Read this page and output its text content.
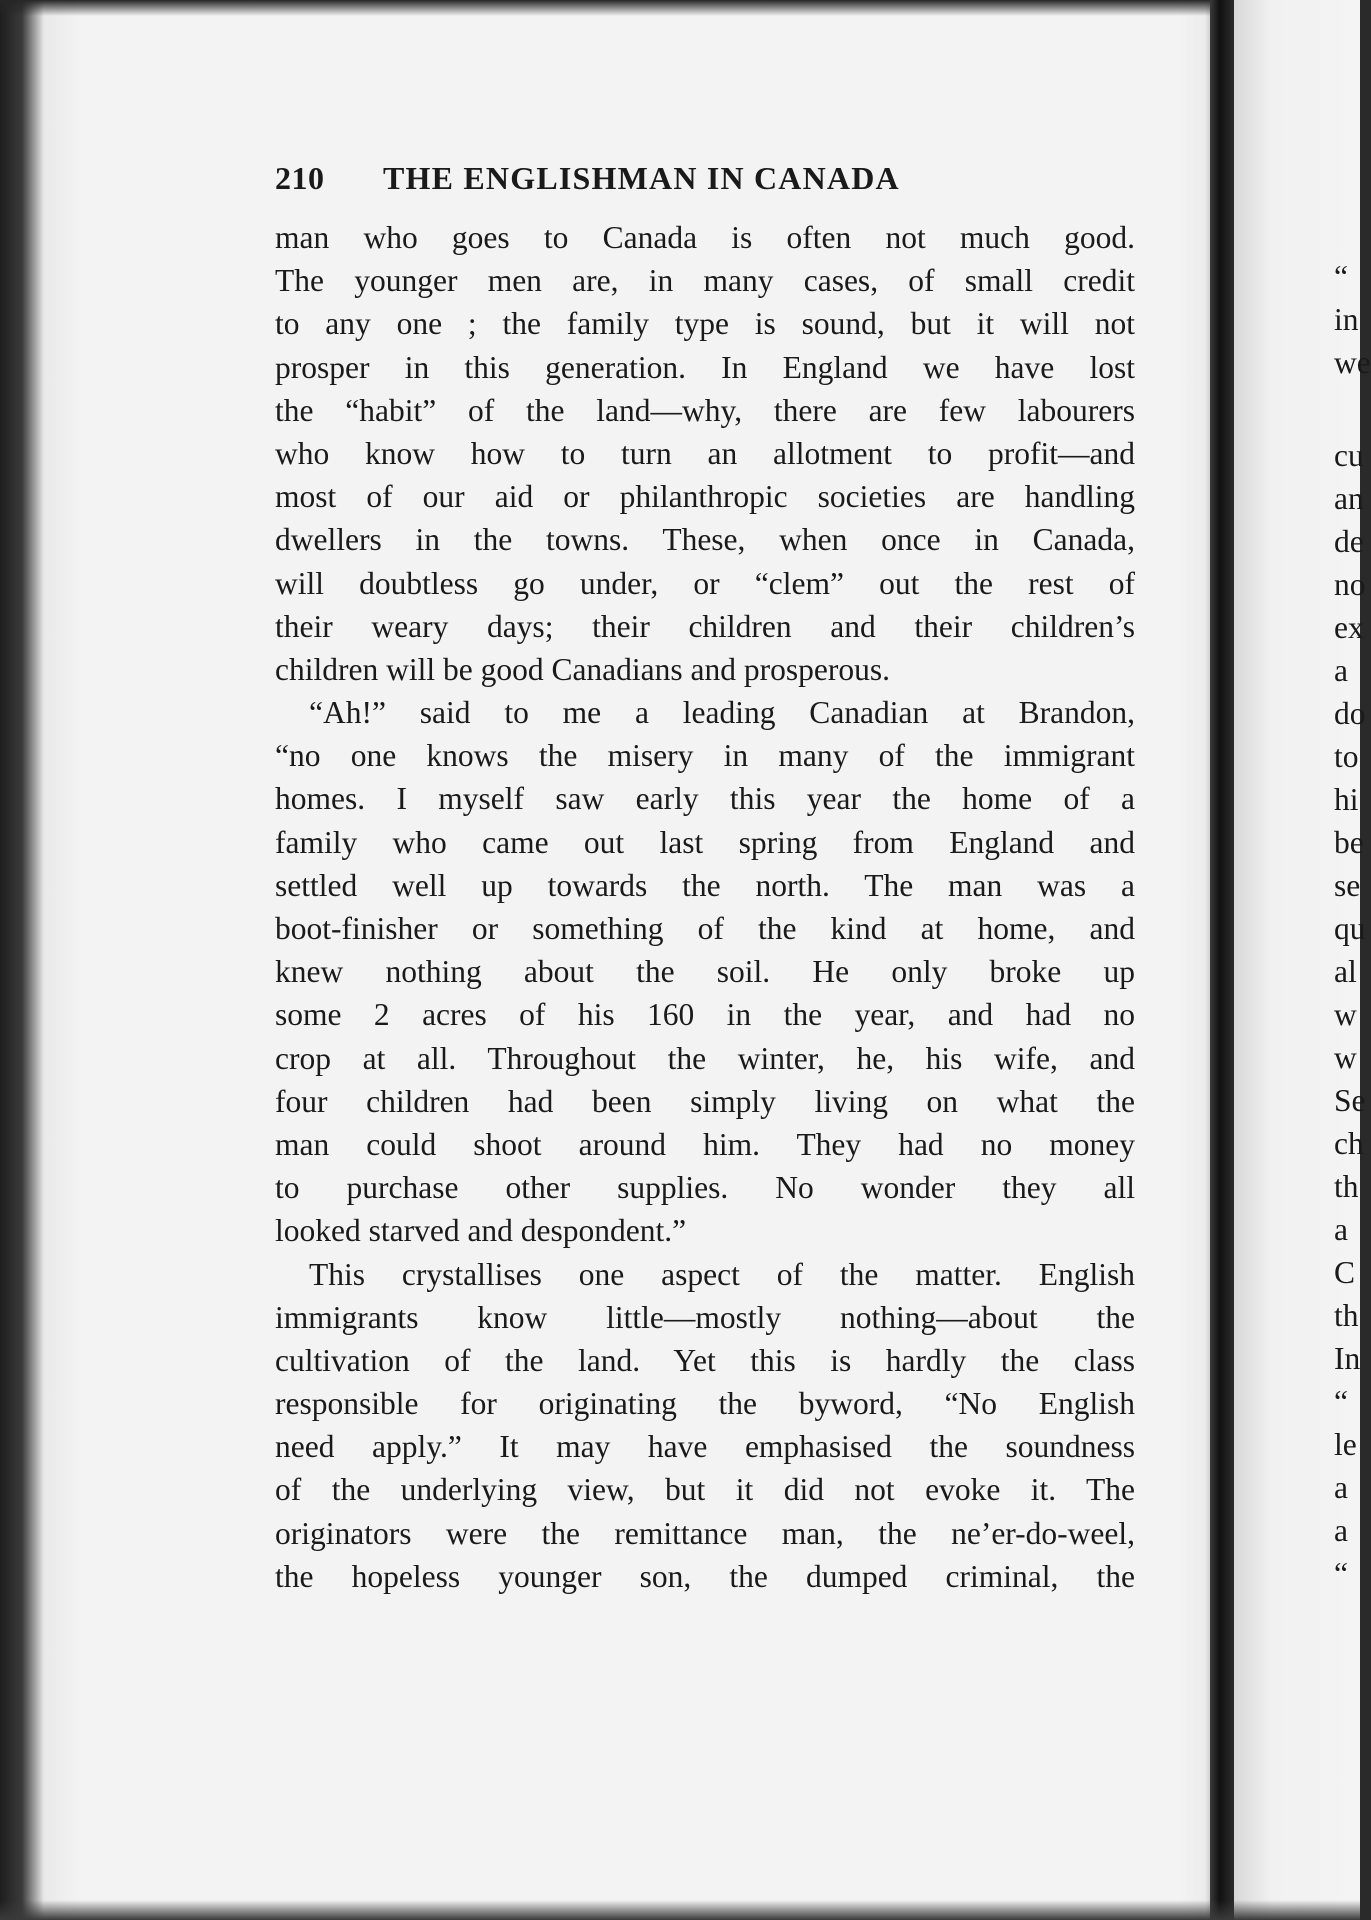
210	THE ENGLISHMAN IN CANADA
man who goes to Canada is often not much good.
The younger men are, in many cases, of small credit
to any one ; the family type is sound, but it will not
prosper in this generation. In England we have lost
the “habit” of the land—why, there are few labourers
who know how to turn an allotment to profit—and
most of our aid or philanthropic societies are handling
dwellers in the towns. These, when once in Canada,
will doubtless go under, or “clem” out the rest of
their weary days; their children and their children’s
children will be good Canadians and prosperous.
“Ah!” said to me a leading Canadian at Brandon,
“no one knows the misery in many of the immigrant
homes. I myself saw early this year the home of a
family who came out last spring from England and
settled well up towards the north. The man was a
boot-finisher or something of the kind at home, and
knew nothing about the soil. He only broke up
some 2 acres of his 160 in the year, and had no
crop at all. Throughout the winter, he, his wife, and
four children had been simply living on what the
man could shoot around him. They had no money
to purchase other supplies. No wonder they all
looked starved and despondent.”
This crystallises one aspect of the matter. English
immigrants know little—mostly nothing—about the
cultivation of the land. Yet this is hardly the class
responsible for originating the byword, “No English
need apply.” It may have emphasised the soundness
of the underlying view, but it did not evoke it. The
originators were the remittance man, the ne’er-do-weel,
the hopeless younger son, the dumped criminal, the
“
in
we
cu
an
de
no
ex
a
do
to
hi
be
se
qu
al
w
w
Se
ch
th
a
C
th
In
“
le
a
a
“
